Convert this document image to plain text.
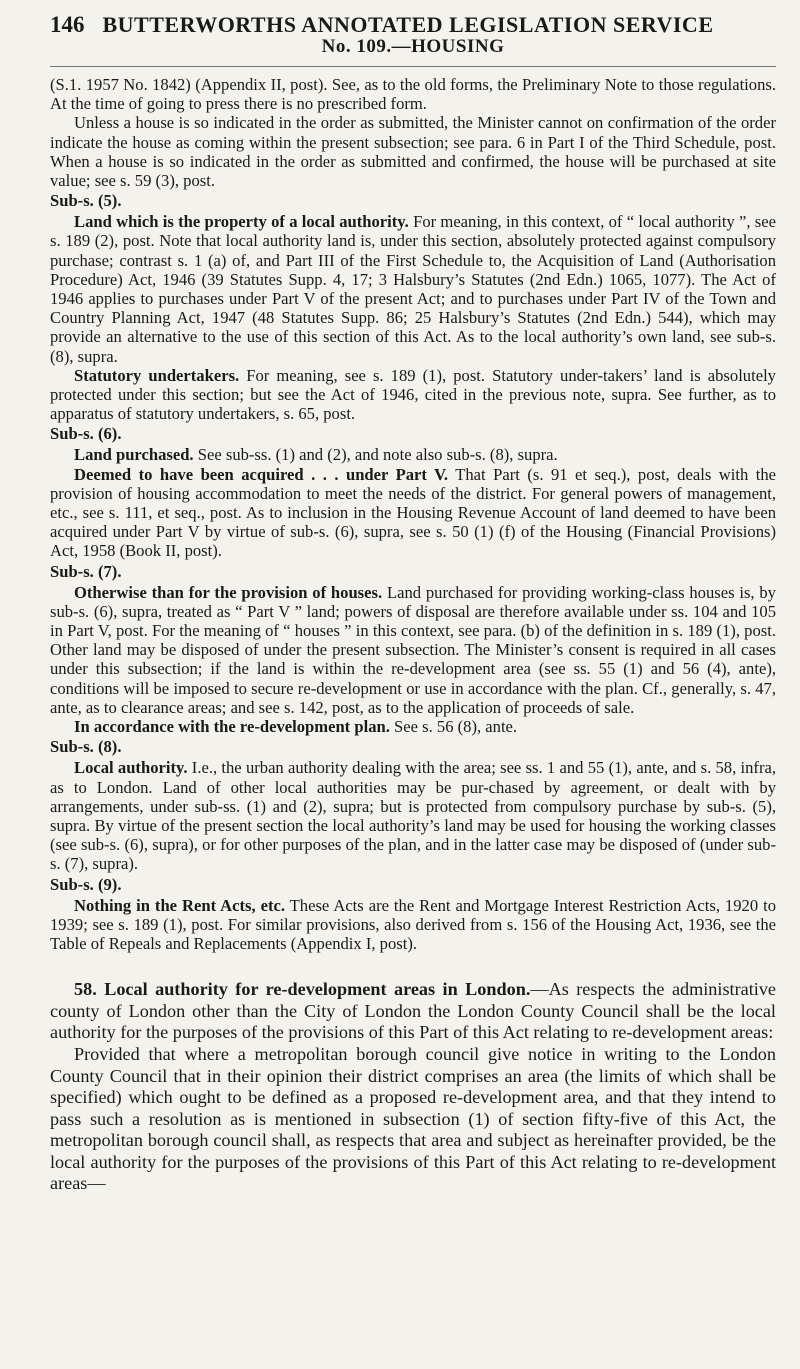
146 BUTTERWORTHS ANNOTATED LEGISLATION SERVICE
No. 109.—HOUSING

(S.1. 1957 No. 1842) (Appendix II, post). See, as to the old forms, the Preliminary Note to those regulations. At the time of going to press there is no prescribed form.

Unless a house is so indicated in the order as submitted, the Minister cannot on confirmation of the order indicate the house as coming within the present subsection; see para. 6 in Part I of the Third Schedule, post. When a house is so indicated in the order as submitted and confirmed, the house will be purchased at site value; see s. 59 (3), post.

Sub-s. (5).

Land which is the property of a local authority. For meaning, in this context, of “ local authority ”, see s. 189 (2), post. Note that local authority land is, under this section, absolutely protected against compulsory purchase; contrast s. 1 (a) of, and Part III of the First Schedule to, the Acquisition of Land (Authorisation Procedure) Act, 1946 (39 Statutes Supp. 4, 17; 3 Halsbury’s Statutes (2nd Edn.) 1065, 1077). The Act of 1946 applies to purchases under Part V of the present Act; and to purchases under Part IV of the Town and Country Planning Act, 1947 (48 Statutes Supp. 86; 25 Halsbury’s Statutes (2nd Edn.) 544), which may provide an alternative to the use of this section of this Act. As to the local authority’s own land, see sub-s. (8), supra.

Statutory undertakers. For meaning, see s. 189 (1), post. Statutory under-takers’ land is absolutely protected under this section; but see the Act of 1946, cited in the previous note, supra. See further, as to apparatus of statutory undertakers, s. 65, post.

Sub-s. (6).

Land purchased. See sub-ss. (1) and (2), and note also sub-s. (8), supra.

Deemed to have been acquired . . . under Part V. That Part (s. 91 et seq.), post, deals with the provision of housing accommodation to meet the needs of the district. For general powers of management, etc., see s. 111, et seq., post. As to inclusion in the Housing Revenue Account of land deemed to have been acquired under Part V by virtue of sub-s. (6), supra, see s. 50 (1) (f) of the Housing (Financial Provisions) Act, 1958 (Book II, post).

Sub-s. (7).

Otherwise than for the provision of houses. Land purchased for providing working-class houses is, by sub-s. (6), supra, treated as “ Part V ” land; powers of disposal are therefore available under ss. 104 and 105 in Part V, post. For the meaning of “ houses ” in this context, see para. (b) of the definition in s. 189 (1), post. Other land may be disposed of under the present subsection. The Minister’s consent is required in all cases under this subsection; if the land is within the re-development area (see ss. 55 (1) and 56 (4), ante), conditions will be imposed to secure re-development or use in accordance with the plan. Cf., generally, s. 47, ante, as to clearance areas; and see s. 142, post, as to the application of proceeds of sale.

In accordance with the re-development plan. See s. 56 (8), ante.

Sub-s. (8).

Local authority. I.e., the urban authority dealing with the area; see ss. 1 and 55 (1), ante, and s. 58, infra, as to London. Land of other local authorities may be pur-chased by agreement, or dealt with by arrangements, under sub-ss. (1) and (2), supra; but is protected from compulsory purchase by sub-s. (5), supra. By virtue of the present section the local authority’s land may be used for housing the working classes (see sub-s. (6), supra), or for other purposes of the plan, and in the latter case may be disposed of (under sub-s. (7), supra).

Sub-s. (9).

Nothing in the Rent Acts, etc. These Acts are the Rent and Mortgage Interest Restriction Acts, 1920 to 1939; see s. 189 (1), post. For similar provisions, also derived from s. 156 of the Housing Act, 1936, see the Table of Repeals and Replacements (Appendix I, post).

58. Local authority for re-development areas in London.—As respects the administrative county of London other than the City of London the London County Council shall be the local authority for the purposes of the provisions of this Part of this Act relating to re-development areas:

Provided that where a metropolitan borough council give notice in writing to the London County Council that in their opinion their district comprises an area (the limits of which shall be specified) which ought to be defined as a proposed re-development area, and that they intend to pass such a resolution as is mentioned in subsection (1) of section fifty-five of this Act, the metropolitan borough council shall, as respects that area and subject as hereinafter provided, be the local authority for the purposes of the provisions of this Part of this Act relating to re-development areas—
